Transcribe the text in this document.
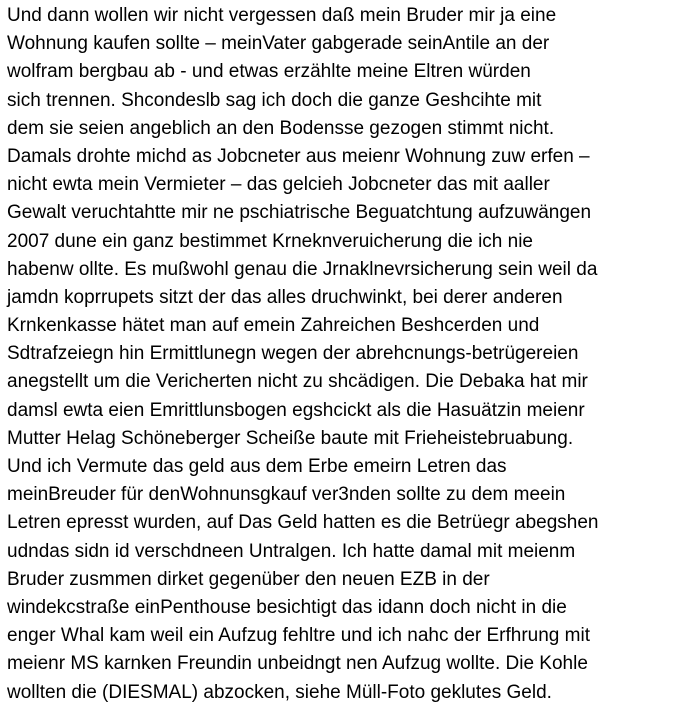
Und dann wollen wir nicht vergessen daß mein Bruder mir ja eine
Wohnung kaufen sollte – meinVater gabgerade seinAntile an der
wolfram bergbau ab - und etwas erzählte meine Eltren würden
sich trennen. Shcondeslb sag ich doch die ganze Geshcihte mit
dem sie seien angeblich an den Bodensse gezogen stimmt nicht.
Damals drohte michd as Jobcneter aus meienr Wohnung zuw erfen –
nicht ewta mein Vermieter – das gelcieh Jobcneter das mit aaller
Gewalt veruchtahtte mir ne pschiatrische Beguatchtung aufzuwängen
2007 dune ein ganz bestimmet Krneknveruicherung die ich nie
habenw ollte. Es mußwohl genau die Jrnaklnevrsicherung sein weil da
jamdn koprrupets sitzt der das alles druchwinkt, bei derer anderen
Krnkenkasse hätet man auf emein Zahreichen Beshcerden und
Sdtrafzeiegn hin Ermittlunegn wegen der abrehcnungs-betrügereien
anegstellt um die Vericherten nicht zu shcädigen. Die Debaka hat mir
damsl ewta eien Emrittlunsbogen egshcickt als die Hasuätzin meienr
Mutter Helag Schöneberger Scheiße baute mit Frieheistebruabung.
Und ich Vermute das geld aus dem Erbe emeirn Letren das
meinBreuder für denWohnunsgkauf ver3nden sollte zu dem meein
Letren epresst wurden, auf Das Geld hatten es die Betrüegr abegshen
udndas sidn id verschdneen Untralgen. Ich hatte damal mit meienm
Bruder zusmmen dirket gegenüber den neuen EZB in der
windekcstraße einPenthouse besichtigt das idann doch nicht in die
enger Whal kam weil ein Aufzug fehltre und ich nahc der Erfhrung mit
meienr MS karnken Freundin unbeidngt nen Aufzug wollte. Die Kohle
wollten die (DIESMAL) abzocken, siehe Müll-Foto geklutes Geld.
